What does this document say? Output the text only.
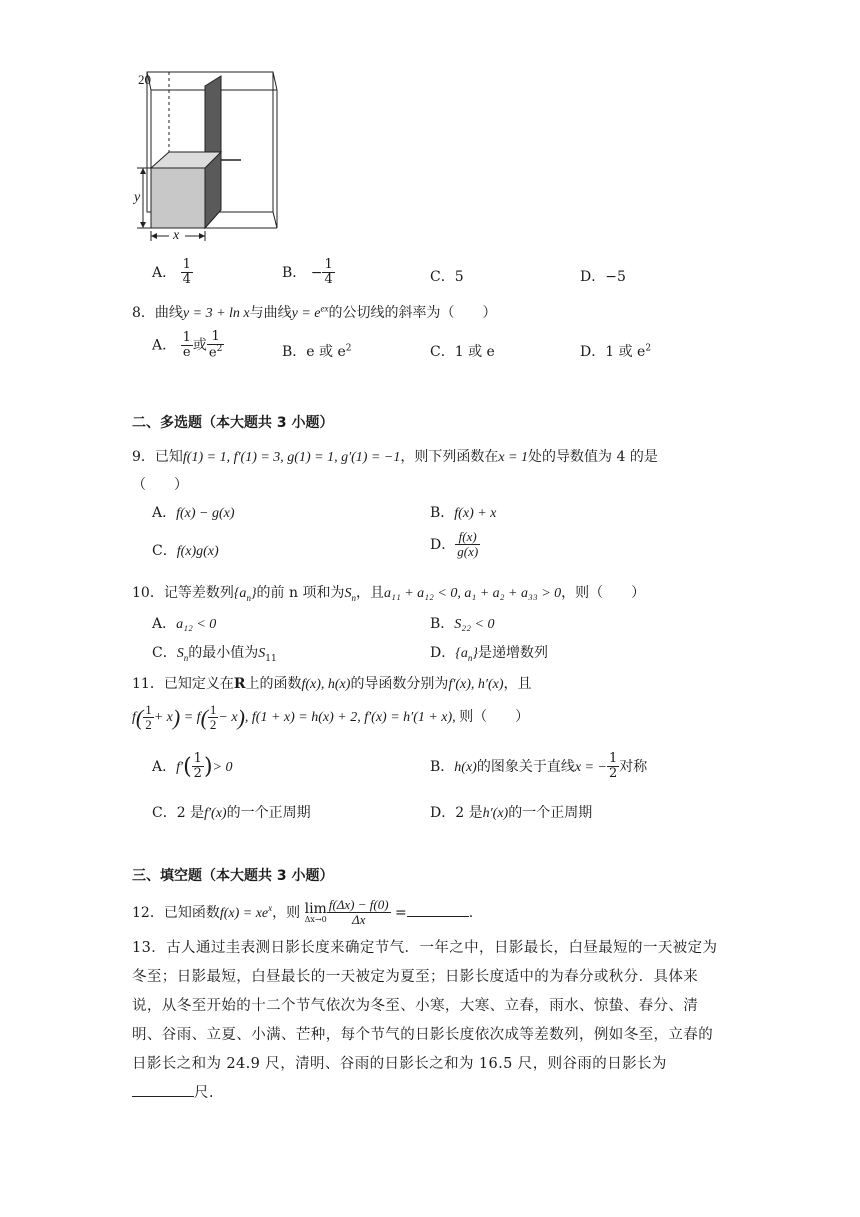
20
y
x
A． $\frac{1}{4}$	B． − $\frac{1}{4}$	C．5	D．−5
8．曲线y = 3 + ln x与曲线$y = e^{ex}$的公切线的斜率为（　　）
A． $\frac{1}{e}$ 或 $\frac{1}{e^2}$	B．e 或 $e^2$	C．1 或 e	D．1 或 $e^2$
二、多选题（本大题共 3 小题）
9．已知f(1) = 1, f′(1) = 3, g(1) = 1, g′(1) = −1，则下列函数在x = 1处的导数值为 4 的是
（　　）
A．f(x) − g(x)	B．f(x) + x
C．f(x)g(x)	D． $\frac{f(x)}{g(x)}$
10．记等差数列$\{a_n\}$的前 n 项和为$S_n$，且a₁₁ + a₁₂ < 0, a₁ + a₂ + a₃₃ > 0，则（　　）
A．a₁₂ < 0	B．S₂₂ < 0
C．$S_n$的最小值为$S_{11}$	D．$\{a_n\}$是递增数列
11．已知定义在R上的函数f(x), h(x)的导函数分别为f′(x), h′(x)，且
$f( \frac{1}{2} + x) = f( \frac{1}{2} - x)$, f(1 + x) = h(x) + 2, f′(x) = h′(1 + x), 则（　　）
A．$f'( \frac{1}{2}$ )> 0	B．h(x)的图象关于直线x = − $\frac{1}{2}$ 对称
C．2 是f′(x)的一个正周期	D．2 是h′(x)的一个正周期
三、填空题（本大题共 3 小题）
12．已知函数$f(x) = xe^x$，则 lim
$\Delta x\to 0 \frac{f(\Delta x) - f(0)}{\Delta x}$ =	.
13．古人通过圭表测日影长度来确定节气．一年之中，日影最长，白昼最短的一天被定为冬至；日影最短，白昼最长的一天被定为夏至；日影长度适中的为春分或秋分．具体来说，从冬至开始的十二个节气依次为冬至、小寒，大寒、立春，雨水、惊蛰、春分、清明、谷雨、立夏、小满、芒种，每个节气的日影长度依次成等差数列，例如冬至，立春的日影长之和为 24.9 尺，清明、谷雨的日影长之和为 16.5 尺，则谷雨的日影长为尺.
